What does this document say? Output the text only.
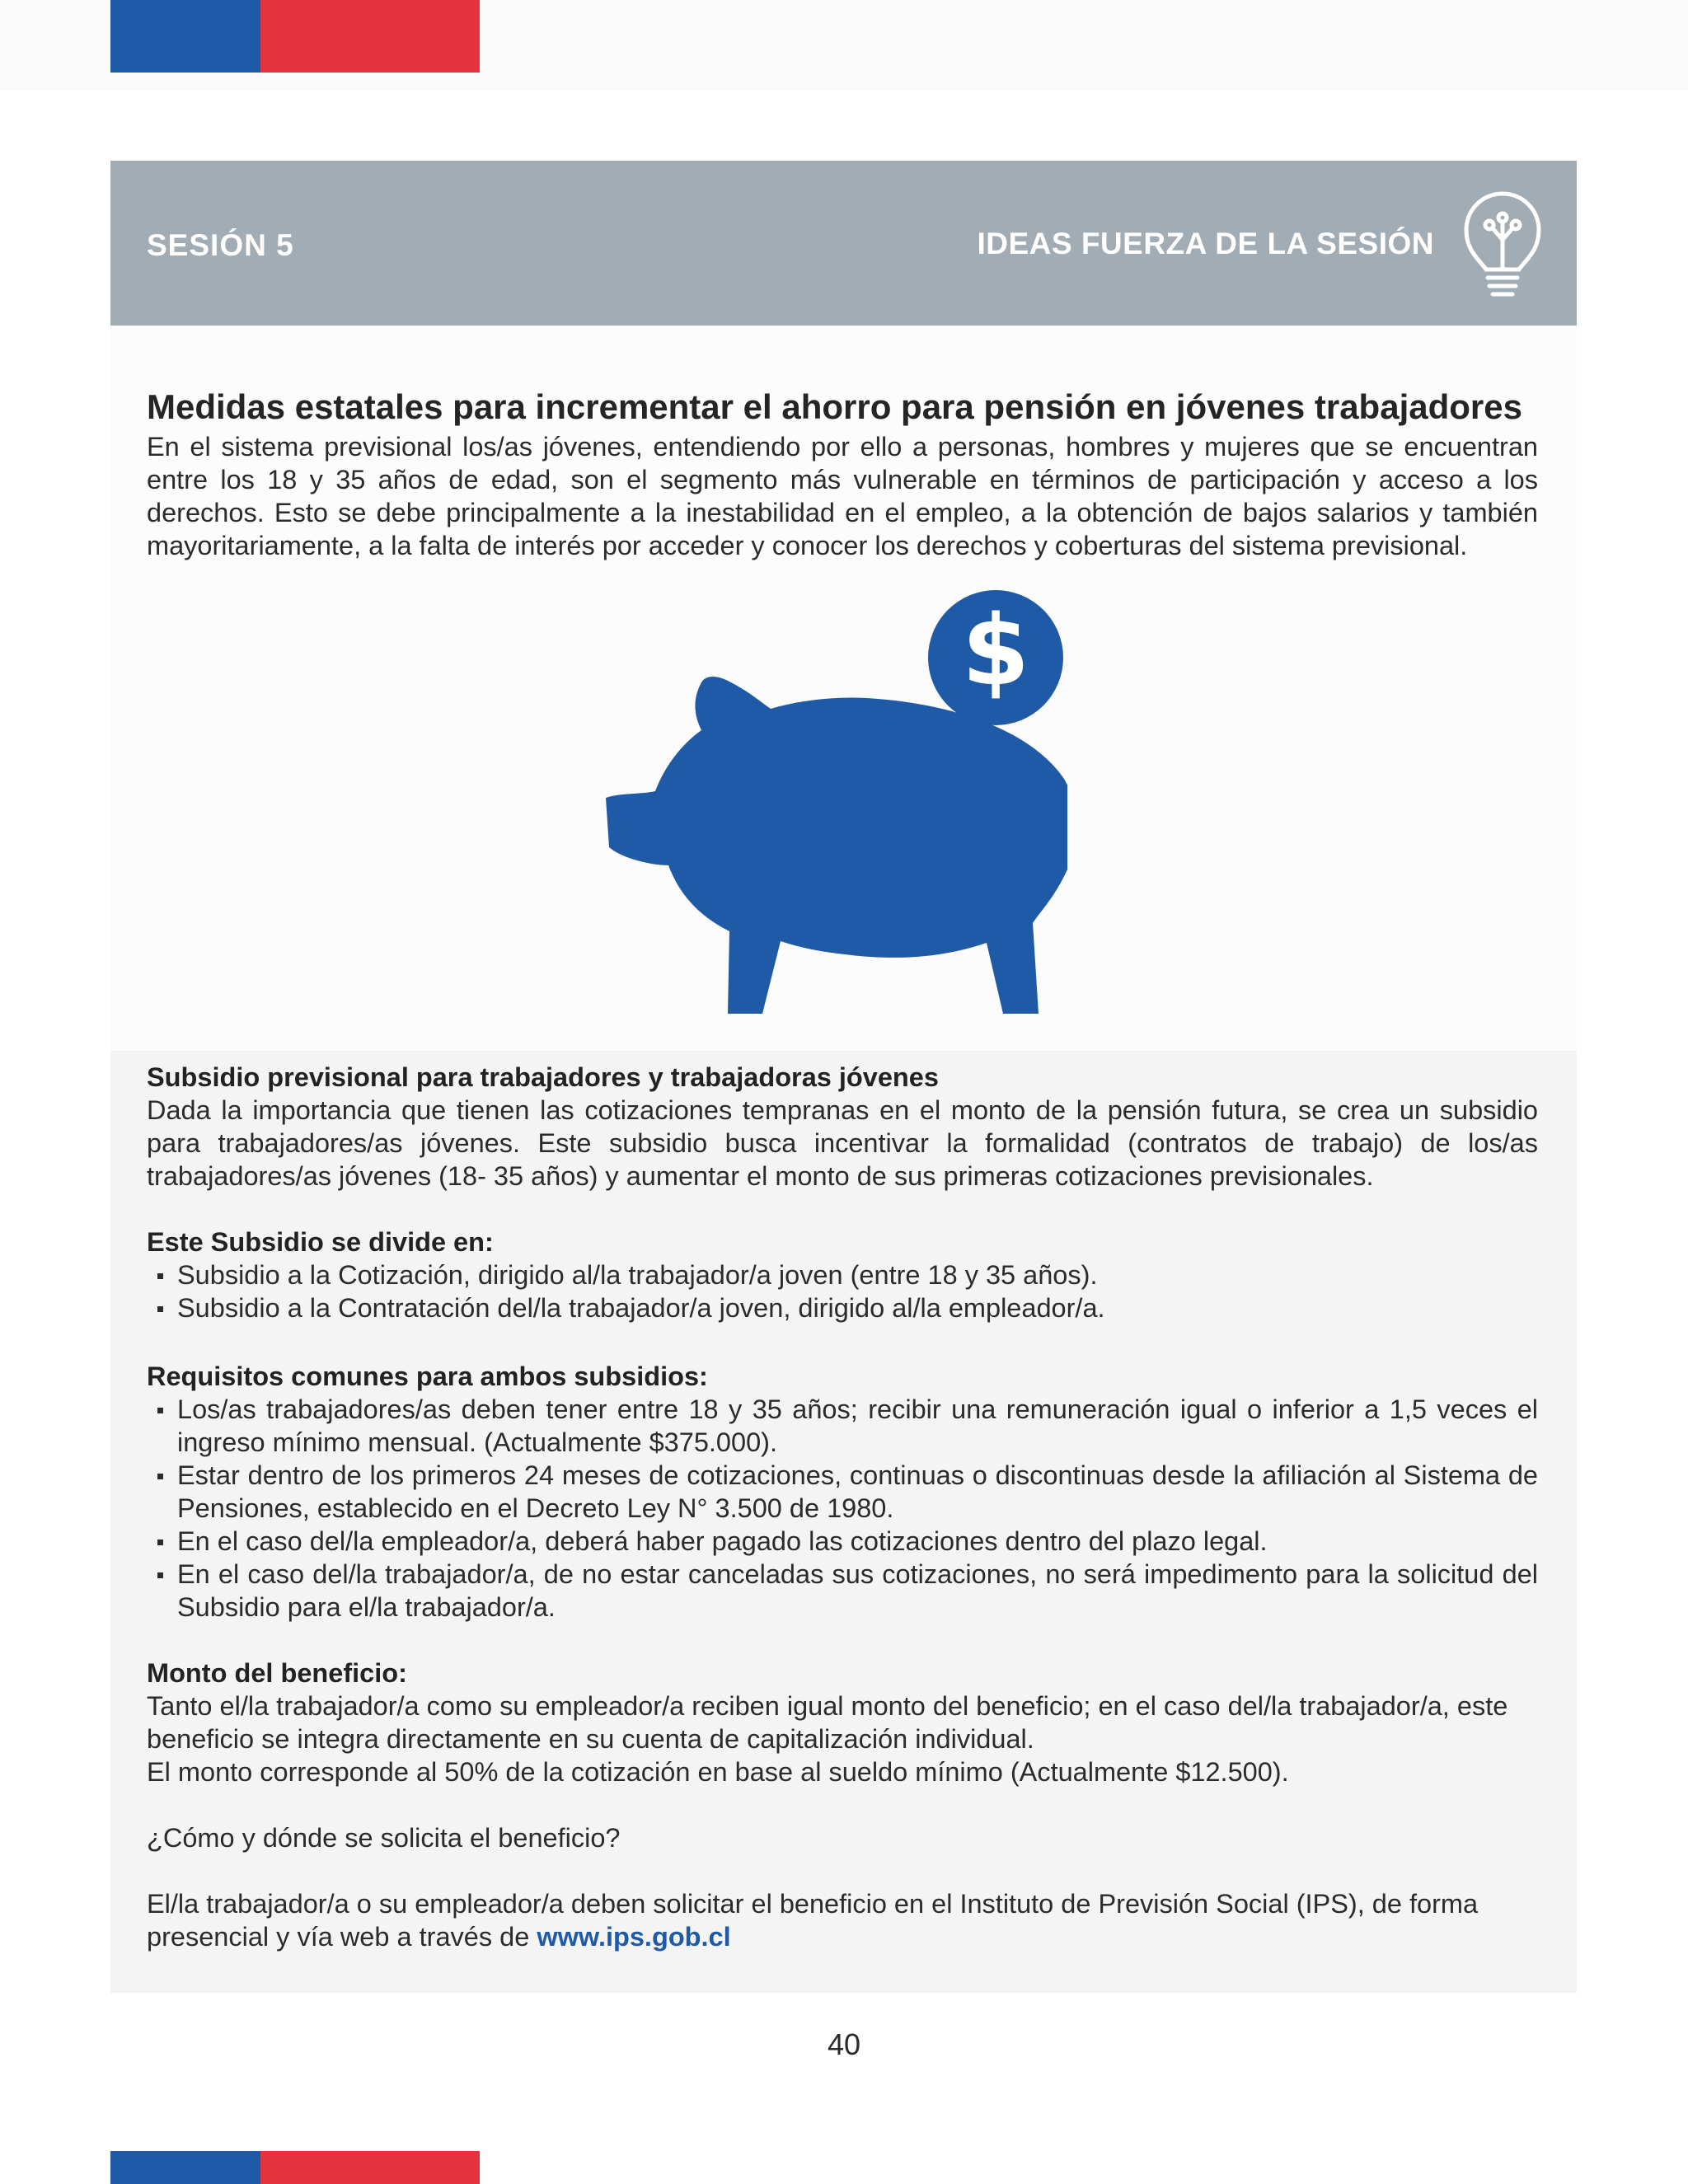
SESIÓN 5	IDEAS FUERZA DE LA SESIÓN
Medidas estatales para incrementar el ahorro para pensión en jóvenes trabajadores

En el sistema previsional los/as jóvenes, entendiendo por ello a personas, hombres y mujeres que se encuentran entre los 18 y 35 años de edad, son el segmento más vulnerable en términos de participación y acceso a los derechos. Esto se debe principalmente a la inestabilidad en el empleo, a la obtención de bajos salarios y también mayoritariamente, a la falta de interés por acceder y conocer los derechos y coberturas del sistema previsional.

$

Subsidio previsional para trabajadores y trabajadoras jóvenes

Dada la importancia que tienen las cotizaciones tempranas en el monto de la pensión futura, se crea un subsidio para trabajadores/as jóvenes. Este subsidio busca incentivar la formalidad (contratos de trabajo) de los/as trabajadores/as jóvenes (18- 35 años) y aumentar el monto de sus primeras cotizaciones previsionales.

Este Subsidio se divide en:

Subsidio a la Cotización, dirigido al/la trabajador/a joven (entre 18 y 35 años).
Subsidio a la Contratación del/la trabajador/a joven, dirigido al/la empleador/a.

Requisitos comunes para ambos subsidios:

Los/as trabajadores/as deben tener entre 18 y 35 años; recibir una remuneración igual o inferior a 1,5 veces el ingreso mínimo mensual. (Actualmente $375.000).
Estar dentro de los primeros 24 meses de cotizaciones, continuas o discontinuas desde la afiliación al Sistema de Pensiones, establecido en el Decreto Ley N° 3.500 de 1980.
En el caso del/la empleador/a, deberá haber pagado las cotizaciones dentro del plazo legal.
En el caso del/la trabajador/a, de no estar canceladas sus cotizaciones, no será impedimento para la solicitud del Subsidio para el/la trabajador/a.

Monto del beneficio:

Tanto el/la trabajador/a como su empleador/a reciben igual monto del beneficio; en el caso del/la trabajador/a, este beneficio se integra directamente en su cuenta de capitalización individual.

El monto corresponde al 50% de la cotización en base al sueldo mínimo (Actualmente $12.500).

¿Cómo y dónde se solicita el beneficio?

El/la trabajador/a o su empleador/a deben solicitar el beneficio en el Instituto de Previsión Social (IPS), de forma presencial y vía web a través de www.ips.gob.cl

40
